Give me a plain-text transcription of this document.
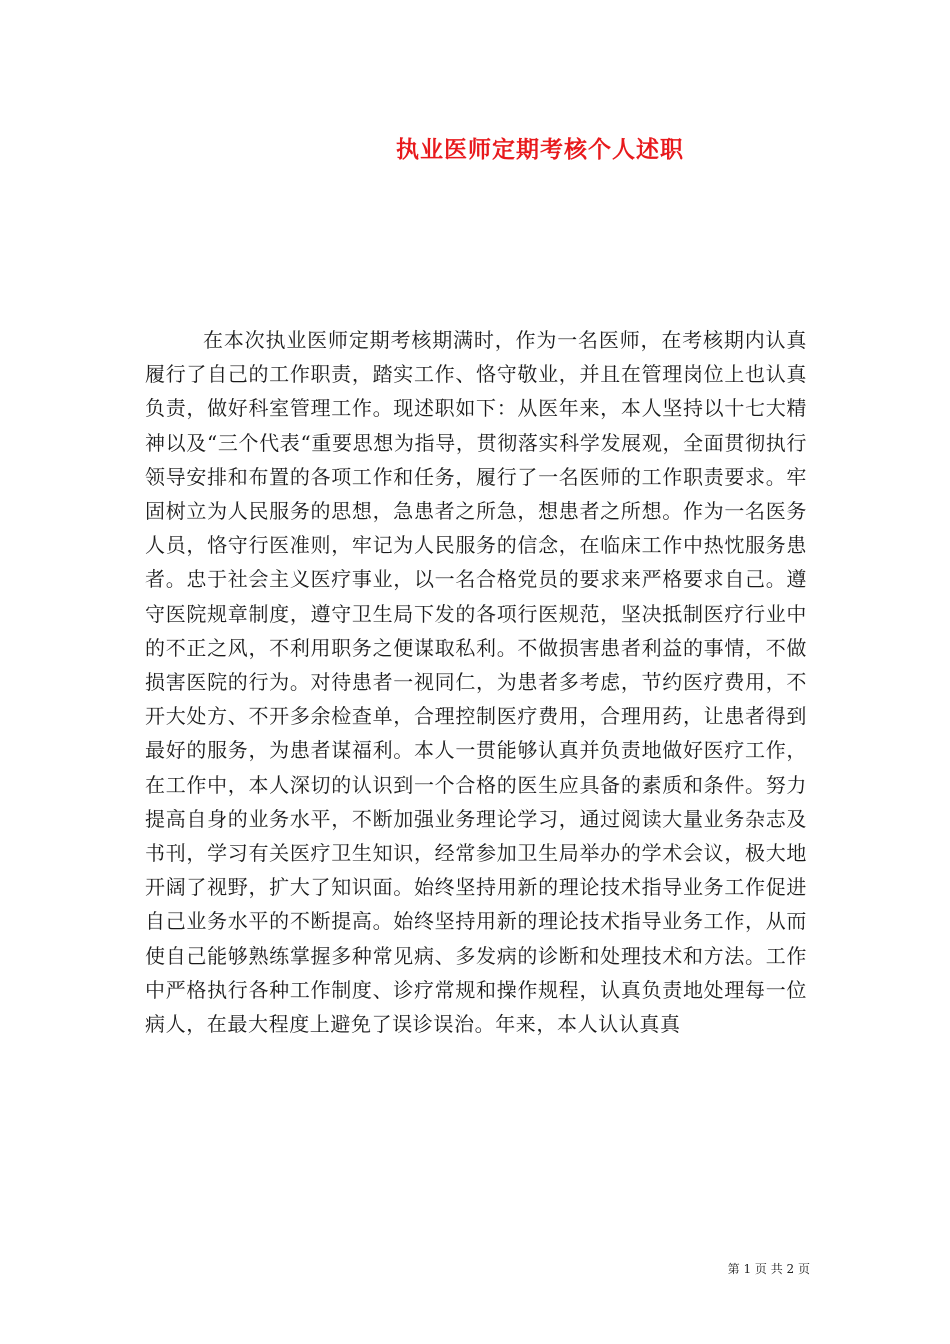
执业医师定期考核个人述职

在本次执业医师定期考核期满时，作为一名医师，在考核期内认真履行了自己的工作职责，踏实工作、恪守敬业，并且在管理岗位上也认真负责，做好科室管理工作。现述职如下：从医年来，本人坚持以十七大精神以及“三个代表“重要思想为指导，贯彻落实科学发展观，全面贯彻执行领导安排和布置的各项工作和任务，履行了一名医师的工作职责要求。牢固树立为人民服务的思想，急患者之所急，想患者之所想。作为一名医务人员，恪守行医准则，牢记为人民服务的信念，在临床工作中热忱服务患者。忠于社会主义医疗事业，以一名合格党员的要求来严格要求自己。遵守医院规章制度，遵守卫生局下发的各项行医规范，坚决抵制医疗行业中的不正之风，不利用职务之便谋取私利。不做损害患者利益的事情，不做损害医院的行为。对待患者一视同仁，为患者多考虑，节约医疗费用，不开大处方、不开多余检查单，合理控制医疗费用，合理用药，让患者得到最好的服务，为患者谋福利。本人一贯能够认真并负责地做好医疗工作，在工作中，本人深切的认识到一个合格的医生应具备的素质和条件。努力提高自身的业务水平，不断加强业务理论学习，通过阅读大量业务杂志及书刊，学习有关医疗卫生知识，经常参加卫生局举办的学术会议，极大地开阔了视野，扩大了知识面。始终坚持用新的理论技术指导业务工作促进自己业务水平的不断提高。始终坚持用新的理论技术指导业务工作，从而使自己能够熟练掌握多种常见病、多发病的诊断和处理技术和方法。工作中严格执行各种工作制度、诊疗常规和操作规程，认真负责地处理每一位病人，在最大程度上避免了误诊误治。年来，本人认认真真

第 1 页 共 2 页
